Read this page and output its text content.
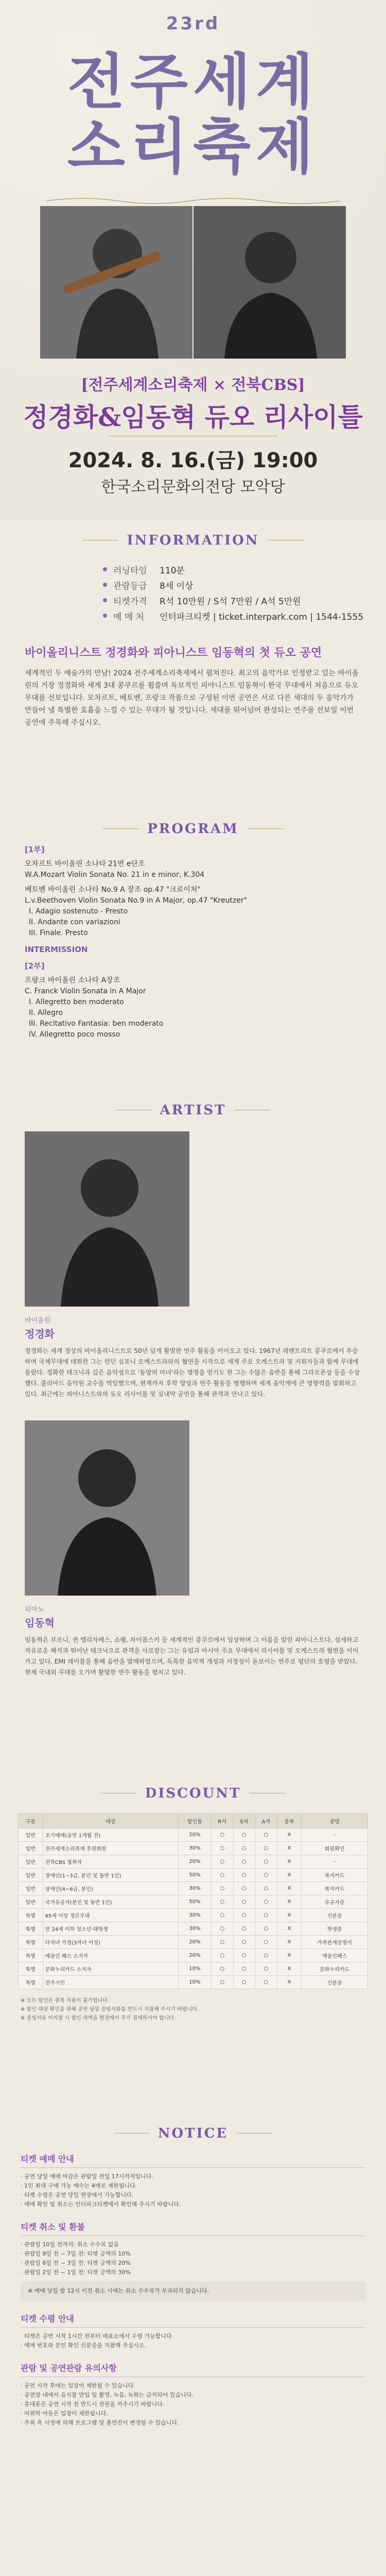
23rd
전주세계
소리축제
[전주세계소리축제 × 전북CBS]
정경화&임동혁 듀오 리사이틀
2024. 8. 16.(금) 19:00
한국소리문화의전당 모악당
INFORMATION
러닝타임	110분
관람등급	8세 이상
티켓가격	R석 10만원 / S석 7만원 / A석 5만원
예 매 처	인터파크티켓 | ticket.interpark.com | 1544-1555
바이올리니스트 정경화와 피아니스트 임동혁의 첫 듀오 공연
세계적인 두 예술가의 만남! 2024 전주세계소리축제에서 펼쳐진다. 최고의 음악가로 인정받고 있는 바이올린의 거장 정경화와 세계 3대 콩쿠르를 휩쓸며 독보적인 피아니스트 임동혁이 한국 무대에서 처음으로 듀오 무대를 선보입니다. 모차르트, 베토벤, 프랑크 작품으로 구성된 이번 공연은 서로 다른 세대의 두 음악가가 만들어 낼 특별한 호흡을 느낄 수 있는 무대가 될 것입니다. 세대를 뛰어넘어 완성되는 연주를 선보일 이번 공연에 주목해 주십시오.
PROGRAM
[1부]
모차르트 바이올린 소나타 21번 e단조
W.A.Mozart Violin Sonata No. 21 in e minor, K.304
베토벤 바이올린 소나타 No.9 A 장조 op.47 "크로이처"
L.v.Beethoven Violin Sonata No.9 in A Major, op.47 "Kreutzer"
I. Adagio sostenuto - Presto
II. Andante con variazioni
III. Finale. Presto
INTERMISSION
[2부]
프랑크 바이올린 소나타 A장조
C. Franck Violin Sonata in A Major
I. Allegretto ben moderato
II. Allegro
III. Recitativo Fantasia: ben moderato
IV. Allegretto poco mosso
ARTIST
바이올린
정경화
정경화는 세계 정상의 바이올리니스트로 50년 넘게 활발한 연주 활동을 이어오고 있다. 1967년 레벤트리트 콩쿠르에서 우승하며 국제무대에 데뷔한 그는 런던 심포니 오케스트라와의 협연을 시작으로 세계 주요 오케스트라 및 지휘자들과 함께 무대에 올랐다. 정확한 테크닉과 깊은 음악성으로 '동양의 마녀'라는 별명을 얻기도 한 그는 수많은 음반을 통해 그라모폰상 등을 수상했다. 줄리아드 음악원 교수를 역임했으며, 현재까지 후학 양성과 연주 활동을 병행하며 세계 음악계에 큰 영향력을 발휘하고 있다. 최근에는 피아니스트와의 듀오 리사이틀 및 실내악 공연을 통해 관객과 만나고 있다.
피아노
임동혁
임동혁은 부조니, 퀸 엘리자베스, 쇼팽, 차이콥스키 등 세계적인 콩쿠르에서 입상하며 그 이름을 알린 피아니스트다. 섬세하고 자유로운 해석과 뛰어난 테크닉으로 관객을 사로잡는 그는 유럽과 아시아 주요 무대에서 리사이틀 및 오케스트라 협연을 이어가고 있다. EMI 레이블을 통해 음반을 발매하였으며, 독특한 음악적 개성과 서정성이 돋보이는 연주로 평단의 호평을 받았다. 현재 국내외 무대를 오가며 활발한 연주 활동을 펼치고 있다.
DISCOUNT
구분	대상	할인율	R석	S석	A석	중복	증빙
일반	조기예매(공연 1개월 전)	20%	○	○	○	X	-
일반	전주세계소리축제 후원회원	30%	○	○	○	X	회원확인
일반	전북CBS 청취자	20%	○	○	○	X	-
일반	장애인(1~3급, 본인 및 동반 1인)	50%	○	○	○	X	복지카드
일반	장애인(4~6급, 본인)	30%	○	○	○	X	복지카드
일반	국가유공자(본인 및 동반 1인)	50%	○	○	○	X	유공자증
특별	65세 이상 경로우대	30%	○	○	○	X	신분증
특별	만 24세 이하 청소년·대학생	30%	○	○	○	X	학생증
특별	다자녀 가정(3자녀 이상)	20%	○	○	○	X	가족관계증명서
특별	예술인 패스 소지자	20%	○	○	○	X	예술인패스
특별	문화누리카드 소지자	10%	○	○	○	X	문화누리카드
특별	전주시민	10%	○	○	○	X	신분증
※ 모든 할인은 중복 적용이 불가합니다.
※ 할인 대상 확인을 위해 공연 당일 증빙서류를 반드시 지참해 주시기 바랍니다.
※ 증빙서류 미지참 시 할인 차액을 현장에서 추가 결제하셔야 합니다.
NOTICE
티켓 예매 안내
· 공연 당일 예매 마감은 관람일 전일 17시까지입니다.
· 1인 최대 구매 가능 매수는 4매로 제한됩니다.
· 티켓 수령은 공연 당일 현장에서 가능합니다.
· 예매 확인 및 취소는 인터파크티켓에서 확인해 주시기 바랍니다.
티켓 취소 및 환불
· 관람일 10일 전까지: 취소 수수료 없음
· 관람일 9일 전 ~ 7일 전: 티켓 금액의 10%
· 관람일 6일 전 ~ 3일 전: 티켓 금액의 20%
· 관람일 2일 전 ~ 1일 전: 티켓 금액의 30%
※ 예매 당일 밤 12시 이전 취소 시에는 취소 수수료가 부과되지 않습니다.
티켓 수령 안내
· 티켓은 공연 시작 1시간 전부터 매표소에서 수령 가능합니다.
· 예매 번호와 본인 확인 신분증을 지참해 주십시오.
관람 및 공연관람 유의사항
· 공연 시작 후에는 입장이 제한될 수 있습니다.
· 공연장 내에서 음식물 반입 및 촬영, 녹음, 녹화는 금지되어 있습니다.
· 휴대폰은 공연 시작 전 반드시 전원을 꺼주시기 바랍니다.
· 미취학 아동은 입장이 제한됩니다.
· 주최 측 사정에 의해 프로그램 및 출연진이 변경될 수 있습니다.
